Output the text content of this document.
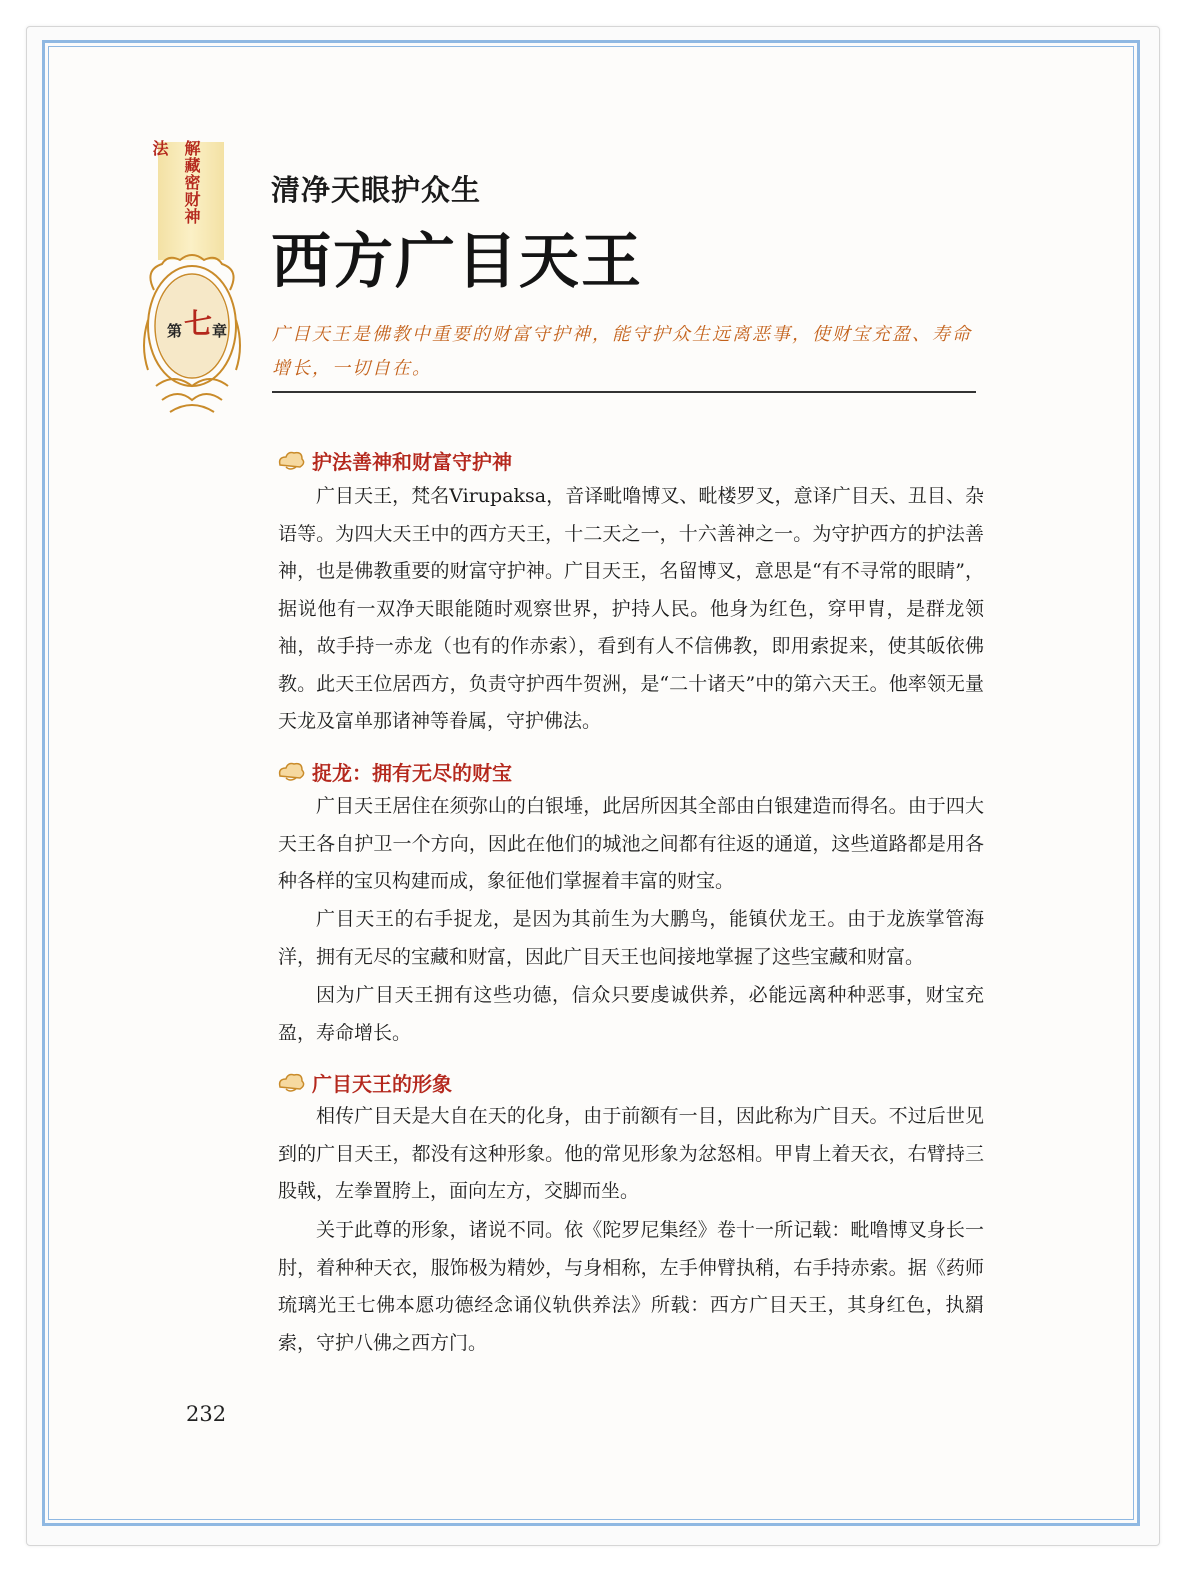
解藏密财神法
第 七 章
清净天眼护众生
西方广目天王
广目天王是佛教中重要的财富守护神，能守护众生远离恶事，使财宝充盈、寿命增长，一切自在。
护法善神和财富守护神

广目天王，梵名Virupaksa，音译毗噜博叉、毗楼罗叉，意译广目天、丑目、杂语等。为四大天王中的西方天王，十二天之一，十六善神之一。为守护西方的护法善神，也是佛教重要的财富守护神。广目天王，名留博叉，意思是“有不寻常的眼睛”，据说他有一双净天眼能随时观察世界，护持人民。他身为红色，穿甲胄，是群龙领袖，故手持一赤龙（也有的作赤索），看到有人不信佛教，即用索捉来，使其皈依佛教。此天王位居西方，负责守护西牛贺洲，是“二十诸天”中的第六天王。他率领无量天龙及富单那诸神等眷属，守护佛法。

捉龙：拥有无尽的财宝

广目天王居住在须弥山的白银埵，此居所因其全部由白银建造而得名。由于四大天王各自护卫一个方向，因此在他们的城池之间都有往返的通道，这些道路都是用各种各样的宝贝构建而成，象征他们掌握着丰富的财宝。

广目天王的右手捉龙，是因为其前生为大鹏鸟，能镇伏龙王。由于龙族掌管海洋，拥有无尽的宝藏和财富，因此广目天王也间接地掌握了这些宝藏和财富。

因为广目天王拥有这些功德，信众只要虔诚供养，必能远离种种恶事，财宝充盈，寿命增长。

广目天王的形象

相传广目天是大自在天的化身，由于前额有一目，因此称为广目天。不过后世见到的广目天王，都没有这种形象。他的常见形象为忿怒相。甲胄上着天衣，右臂持三股戟，左拳置胯上，面向左方，交脚而坐。

关于此尊的形象，诸说不同。依《陀罗尼集经》卷十一所记载：毗噜博叉身长一肘，着种种天衣，服饰极为精妙，与身相称，左手伸臂执稍，右手持赤索。据《药师琉璃光王七佛本愿功德经念诵仪轨供养法》所载：西方广目天王，其身红色，执羂索，守护八佛之西方门。

232
